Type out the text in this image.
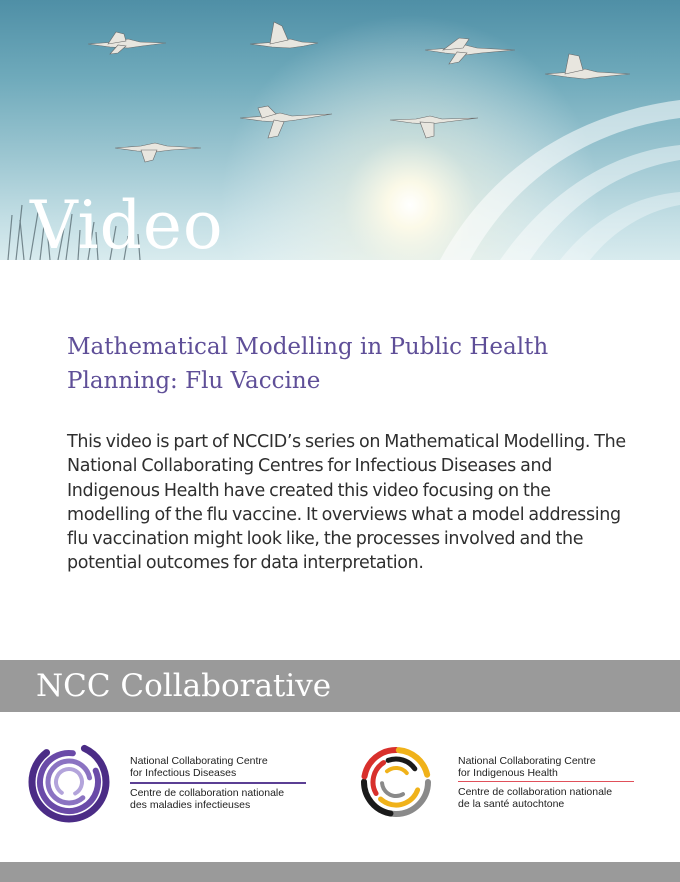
Video
Mathematical Modelling in Public Health Planning: Flu Vaccine

This video is part of NCCID’s series on Mathematical Modelling. The National Collaborating Centres for Infectious Diseases and Indigenous Health have created this video focusing on the modelling of the flu vaccine. It overviews what a model addressing flu vaccination might look like, the processes involved and the potential outcomes for data interpretation.

NCC Collaborative
National Collaborating Centre
for Infectious Diseases
Centre de collaboration nationale
des maladies infectieuses
National Collaborating Centre
for Indigenous Health
Centre de collaboration nationale
de la santé autochtone
